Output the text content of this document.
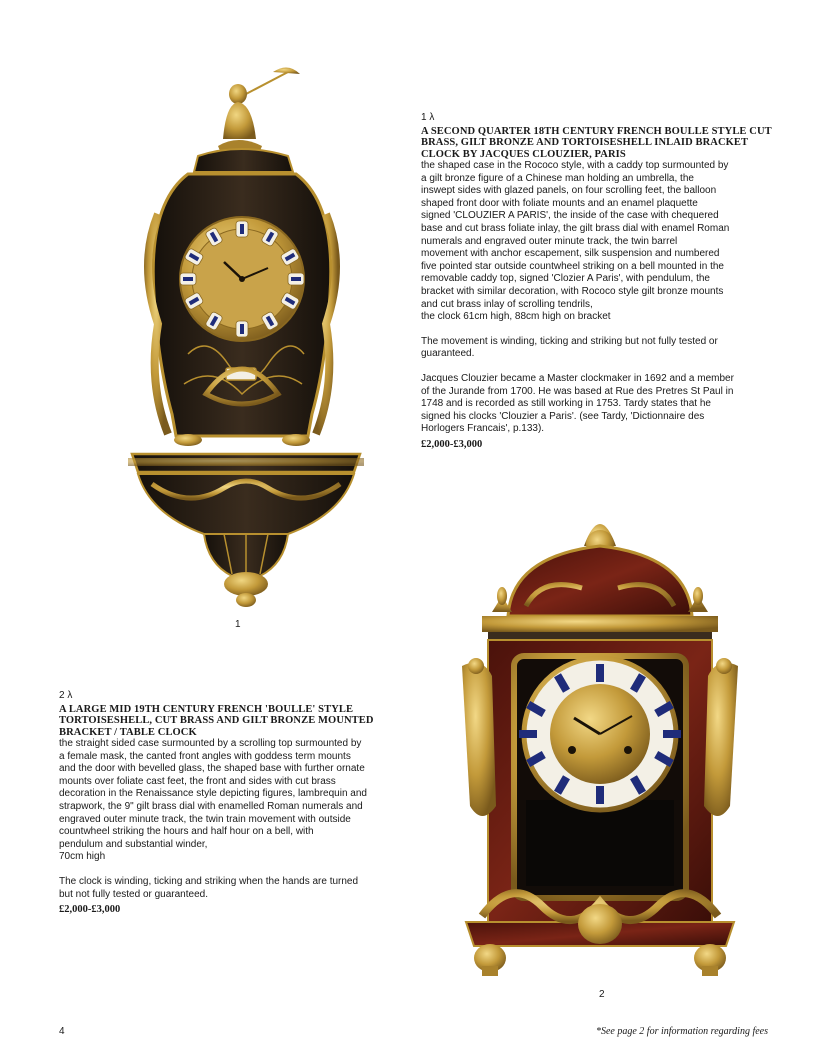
1
1 λ
A SECOND QUARTER 18TH CENTURY FRENCH BOULLE STYLE CUT BRASS, GILT BRONZE AND TORTOISESHELL INLAID BRACKET CLOCK BY JACQUES CLOUZIER, PARIS

the shaped case in the Rococo style, with a caddy top surmounted by
a gilt bronze figure of a Chinese man holding an umbrella, the
inswept sides with glazed panels, on four scrolling feet, the balloon
shaped front door with foliate mounts and an enamel plaquette
signed 'CLOUZIER A PARIS', the inside of the case with chequered
base and cut brass foliate inlay, the gilt brass dial with enamel Roman
numerals and engraved outer minute track, the twin barrel
movement with anchor escapement, silk suspension and numbered
five pointed star outside countwheel striking on a bell mounted in the
removable caddy top, signed 'Clozier A Paris', with pendulum, the
bracket with similar decoration, with Rococo style gilt bronze mounts
and cut brass inlay of scrolling tendrils,
the clock 61cm high, 88cm high on bracket

The movement is winding, ticking and striking but not fully tested or
guaranteed.

Jacques Clouzier became a Master clockmaker in 1692 and a member
of the Jurande from 1700. He was based at Rue des Pretres St Paul in
1748 and is recorded as still working in 1753. Tardy states that he
signed his clocks 'Clouzier a Paris'. (see Tardy, 'Dictionnaire des
Horlogers Francais', p.133).

£2,000-£3,000
2 λ
A LARGE MID 19TH CENTURY FRENCH 'BOULLE' STYLE TORTOISESHELL, CUT BRASS AND GILT BRONZE MOUNTED BRACKET / TABLE CLOCK

the straight sided case surmounted by a scrolling top surmounted by
a female mask, the canted front angles with goddess term mounts
and the door with bevelled glass, the shaped base with further ornate
mounts over foliate cast feet, the front and sides with cut brass
decoration in the Renaissance style depicting figures, lambrequin and
strapwork, the 9" gilt brass dial with enamelled Roman numerals and
engraved outer minute track, the twin train movement with outside
countwheel striking the hours and half hour on a bell, with
pendulum and substantial winder,
70cm high

The clock is winding, ticking and striking when the hands are turned
but not fully tested or guaranteed.

£2,000-£3,000
2
4	*See page 2 for information regarding fees
